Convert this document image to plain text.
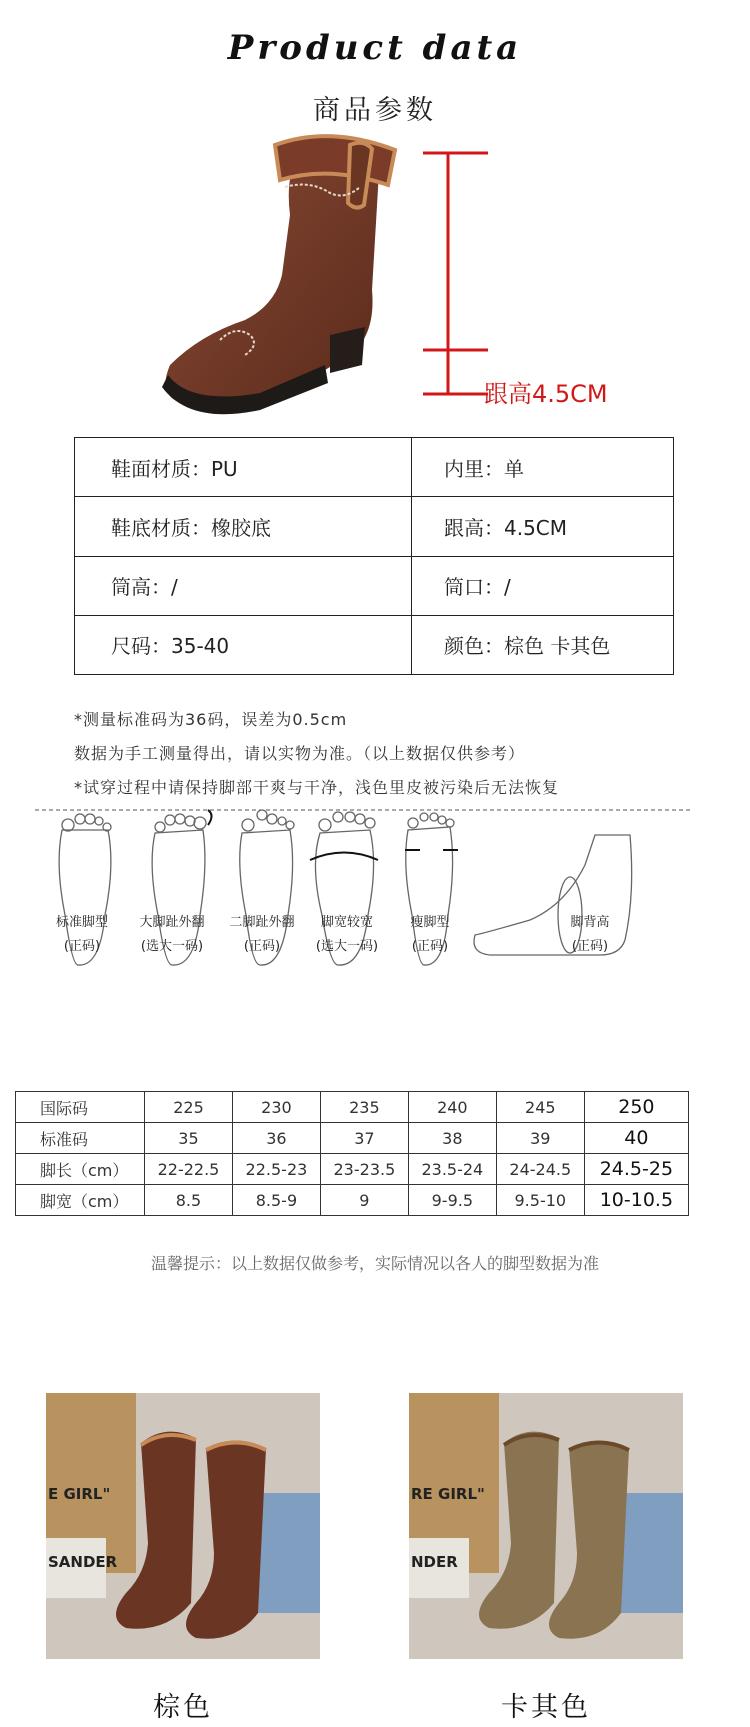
Product data
商品参数
跟高4.5CM
鞋面材质：PU	内里：单
鞋底材质：橡胶底	跟高：4.5CM
筒高：/	筒口：/
尺码：35-40	颜色：棕色 卡其色
*测量标准码为36码，误差为0.5cm
数据为手工测量得出，请以实物为准。（以上数据仅供参考）
*试穿过程中请保持脚部干爽与干净，浅色里皮被污染后无法恢复
标准脚型
(正码)
大脚趾外翻
(选大一码)
二脚趾外翻
(正码)
脚宽较宽
(选大一码)
瘦脚型
(正码)
脚背高
(正码)
国际码	225	230	235	240	245	250
标准码	35	36	37	38	39	40
脚长（cm）	22-22.5	22.5-23	23-23.5	23.5-24	24-24.5	24.5-25
脚宽（cm）	8.5	8.5-9	9	9-9.5	9.5-10	10-10.5
温馨提示：以上数据仅做参考，实际情况以各人的脚型数据为准
E GIRL"
SANDER
RE GIRL"
NDER
棕色	卡其色
